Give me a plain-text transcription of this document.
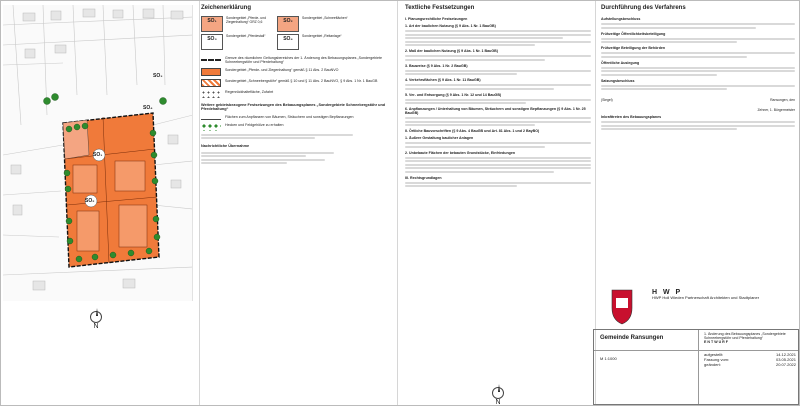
SO₁
SO₂
SO₃
SO₄
N
N
Zeichenerklärung
SO₁	Sondergebiet „Pferde- und Ziegenhaltung“ GRZ 0,6	SO₂	Sondergebiet „Schneeflächen“
SO₃	Sondergebiet „Pferdestall“	SO₄	Sondergebiet „Reitanlage“
Grenze des räumlichen Geltungsbereiches der 1. Änderung des Bebauungsplanes „Sondergebiete Schneebergstöhr und Pferdehaltung“
Sondergebiet „Pferde- und Ziegenhaltung“ gemäß § 11 Abs. 2 BauNVO
Sondergebiet „Schneebergstöhr“ gemäß § 10 und § 11 Abs. 2 BauNVO, § 9 Abs. 1 Nr. 1 BauGB
Regenrückhaltefläche, Zufahrt
Weitere gebietsbezogene Festsetzungen des Bebauungsplanes „Sondergebiete Schneebergstöhr und Pferdehaltung“
Flächen zum Anpflanzen von Bäumen, Sträuchern und sonstigen Bepflanzungen
Hecken und Feldgehölze zu erhalten
Nachrichtliche Übernahme
Textliche Festsetzungen
I. Planungsrechtliche Festsetzungen
1. Art der baulichen Nutzung (§ 9 Abs. 1 Nr. 1 BauGB)
2. Maß der baulichen Nutzung (§ 9 Abs. 1 Nr. 1 BauGB)
3. Bauweise (§ 9 Abs. 1 Nr. 2 BauGB)
4. Verkehrsflächen (§ 9 Abs. 1 Nr. 11 BauGB)
5. Ver- und Entsorgung (§ 9 Abs. 1 Nr. 12 und 14 BauGB)
6. Anpflanzungen / Unterhaltung von Bäumen, Sträuchern und sonstigen Bepflanzungen (§ 9 Abs. 1 Nr. 25 BauGB)
II. Örtliche Bauvorschriften (§ 9 Abs. 4 BauGB und Art. 81 Abs. 1 und 2 BayBO)
1. Äußere Gestaltung baulicher Anlagen
2. Unbebaute Flächen der bebauten Grundstücke, Einfriedungen
III. Rechtsgrundlagen
Durchführung des Verfahrens
Aufstellungsbeschluss
Frühzeitige Öffentlichkeitsbeteiligung
Frühzeitige Beteiligung der Behörden
Öffentliche Auslegung
Satzungsbeschluss
(Siegel)	Ransungen, den
Zehner, 1. Bürgermeister
Inkrafttreten des Bebauungsplanes
H W P
HWP Holl Wieden Partnerschaft Architekten und Stadtplaner
Gemeinde Ransungen
M 1:1000
1. Änderung des Bebauungsplanes „Sondergebiete Schneebergstöhr und Pferdehaltung“
ENTWURF
aufgestellt:	14.12.2021
Fassung vom:	03.05.2021
geändert:	20.07.2022
